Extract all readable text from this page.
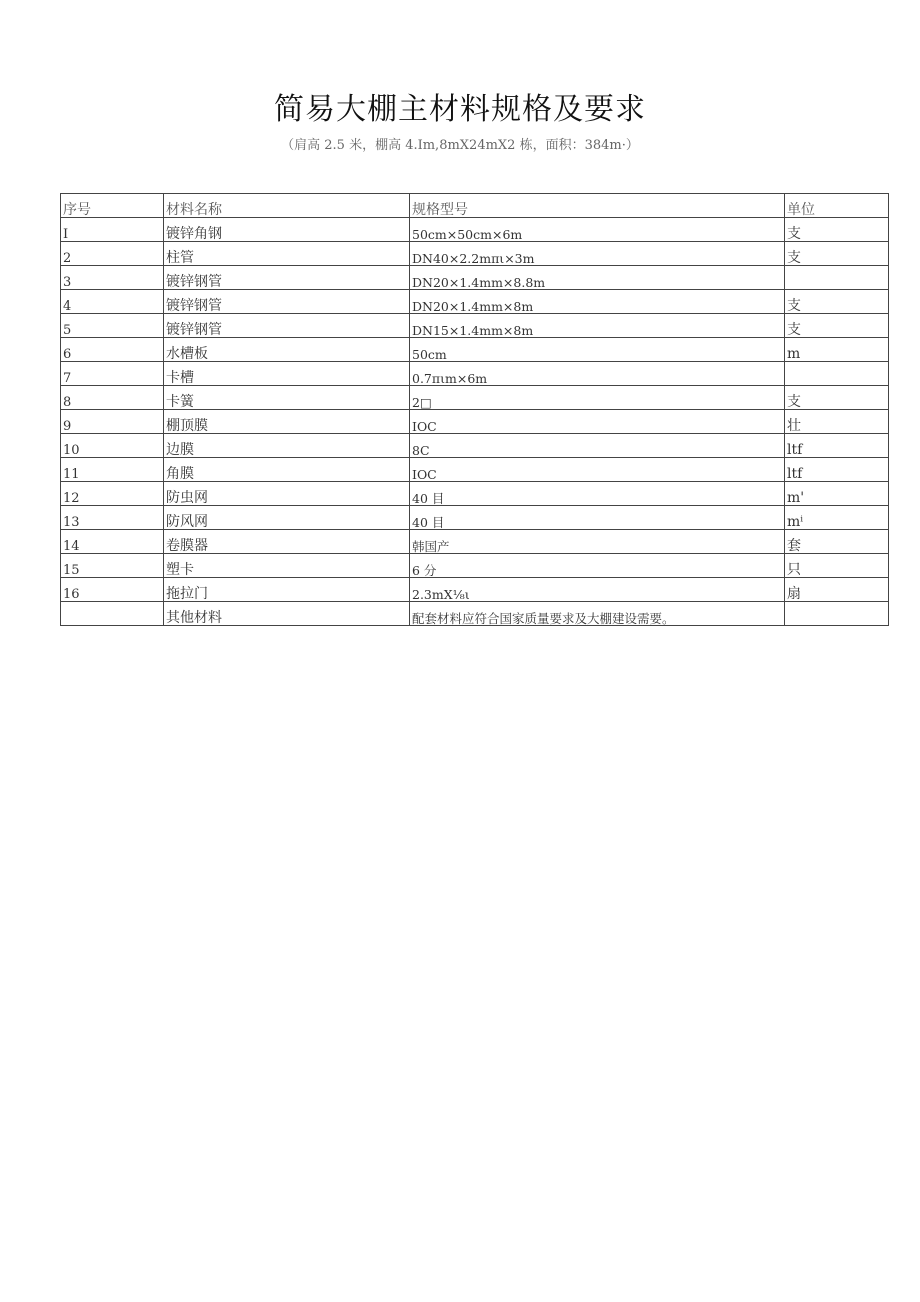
简易大棚主材料规格及要求
（肩高 2.5 米，棚高 4.Im,8mX24mX2 栋，面积：384m·）
序号	材料名称	规格型号	单位
I	镀锌角钢	50cm×50cm×6m	支
2	柱管	DN40×2.2mπι×3m	支
3	镀锌钢管	DN20×1.4mm×8.8m	
4	镀锌钢管	DN20×1.4mm×8m	支
5	镀锌钢管	DN15×1.4mm×8m	支
6	水槽板	50cm	m
7	卡槽	0.7πιm×6m	
8	卡簧	2□	支
9	棚顶膜	IOC	壮
10	边膜	8C	ltf
11	角膜	IOC	ltf
12	防虫网	40 目	m'
13	防风网	40 目	mⁱ
14	卷膜器	韩国产	套
15	塑卡	6 分	只
16	拖拉门	2.3mX⅛ι	扇
	其他材料	配套材料应符合国家质量要求及大棚建设需要。	
